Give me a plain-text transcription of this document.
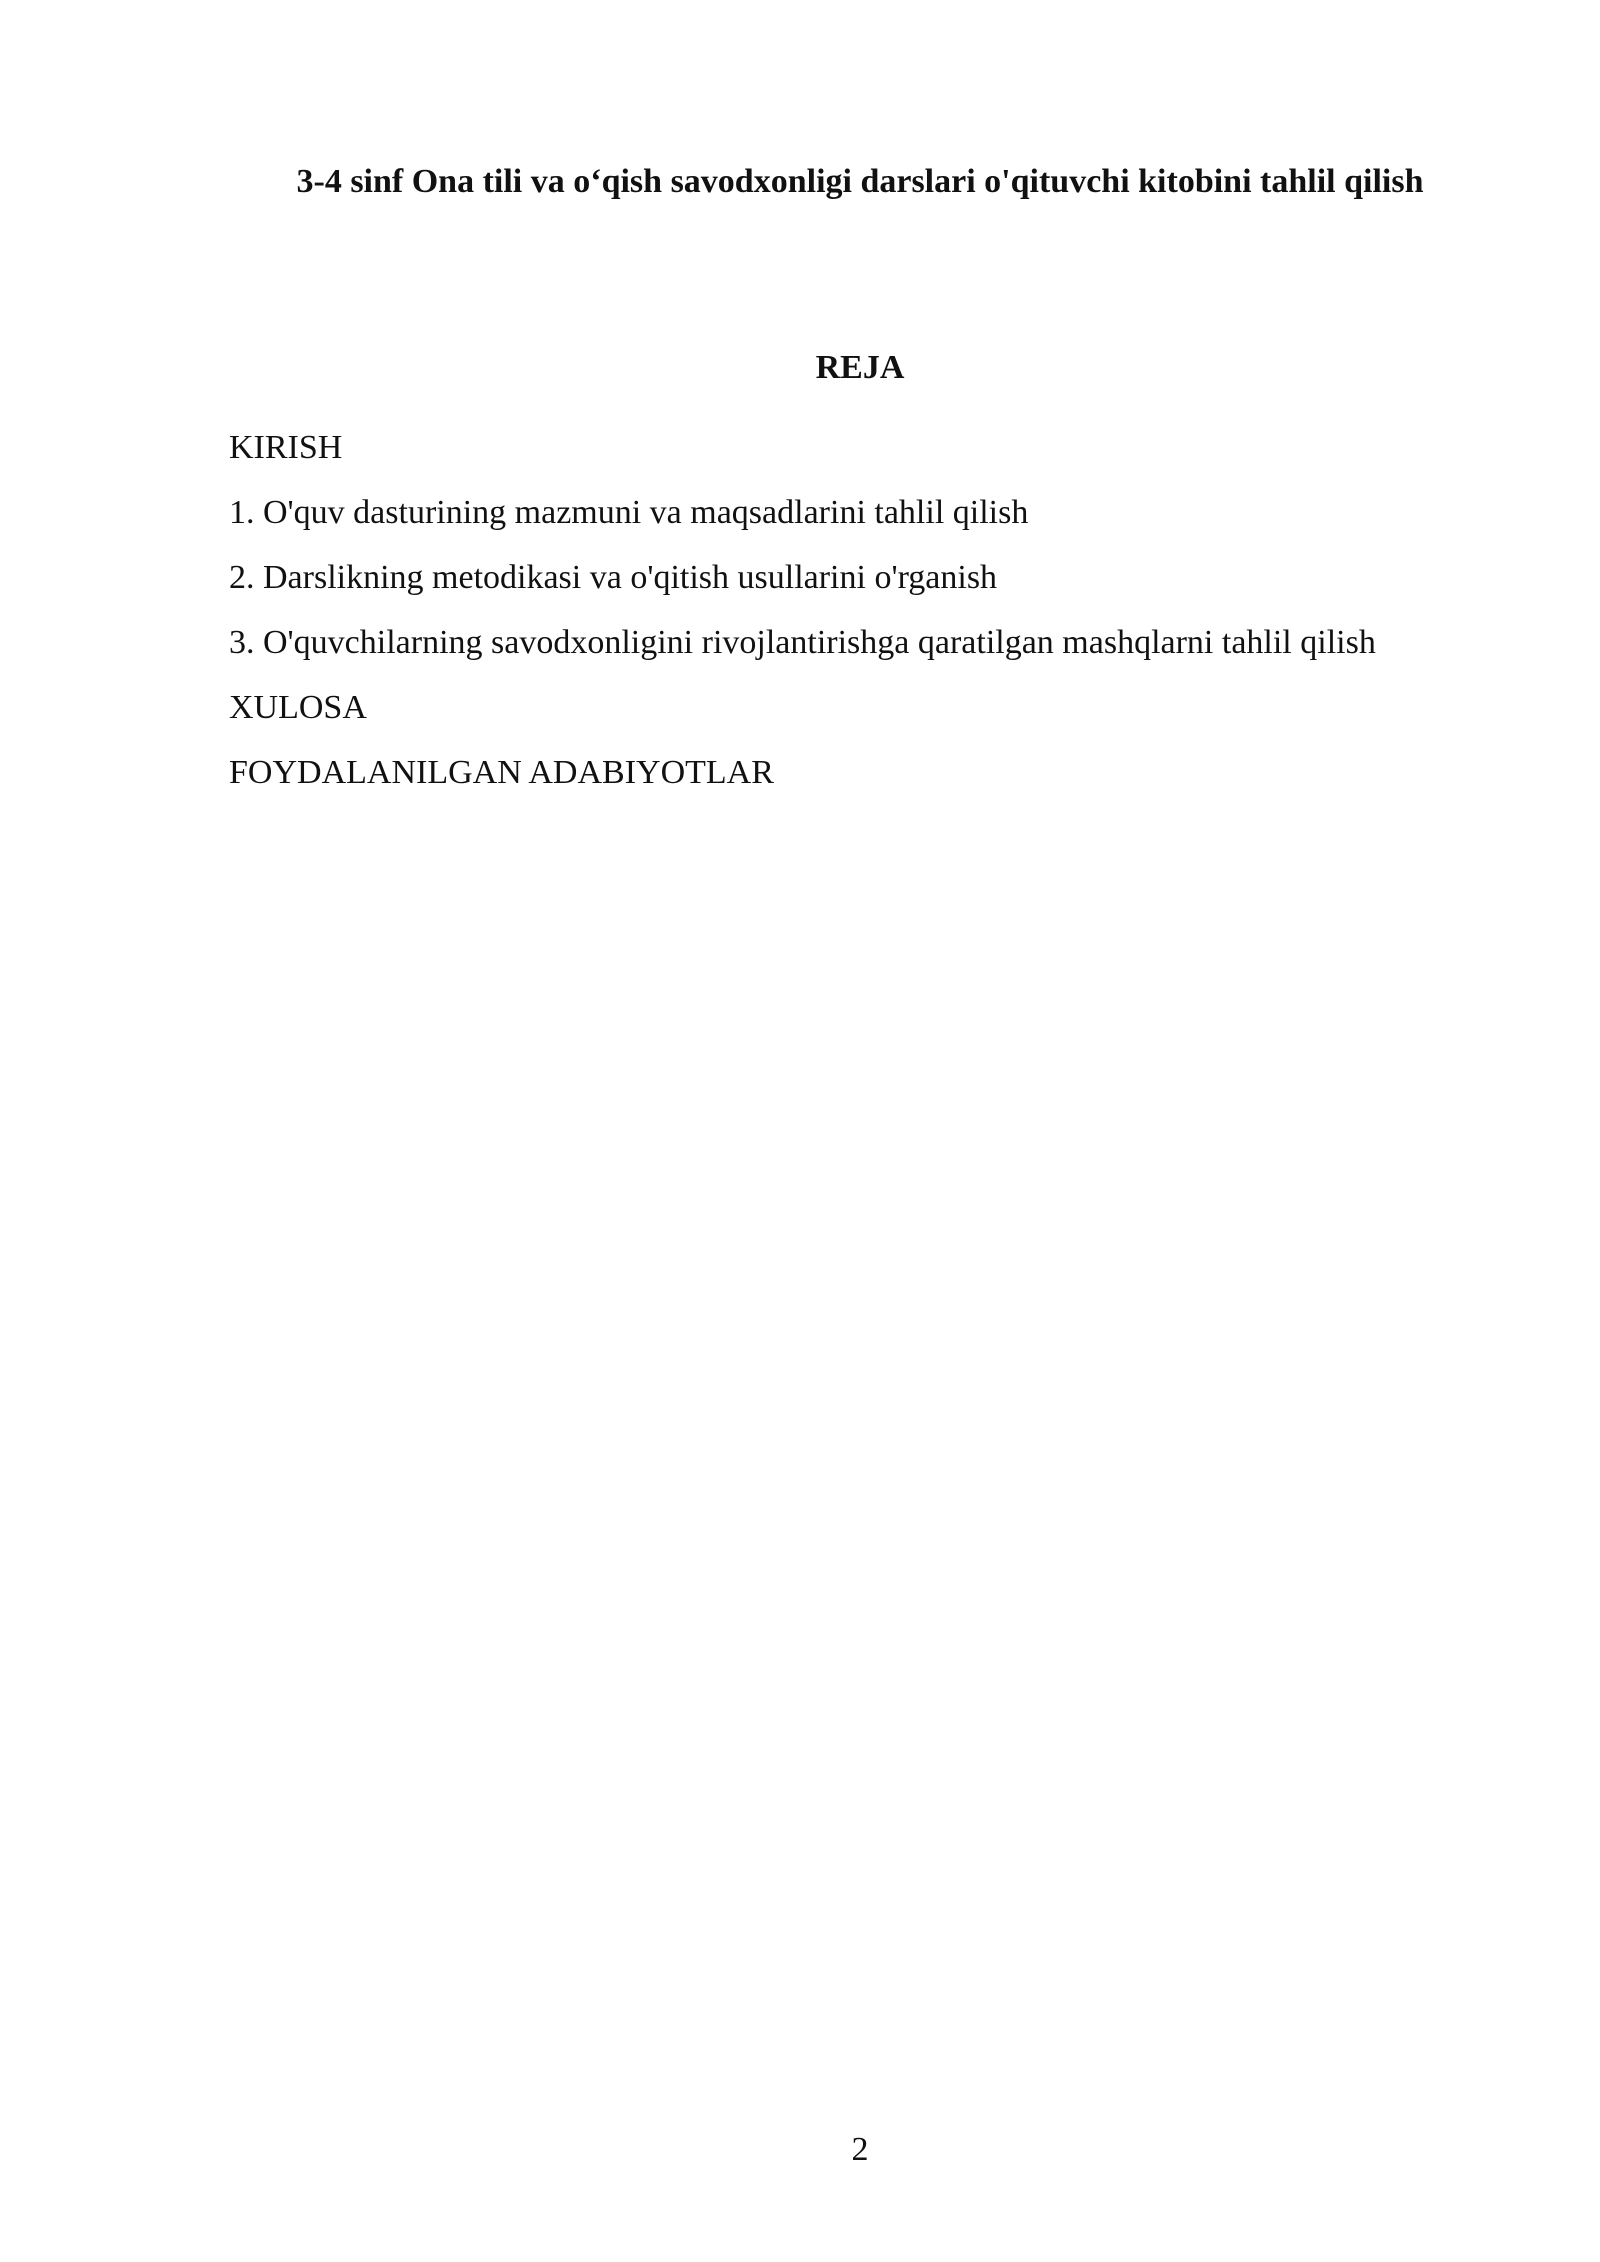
3-4 sinf Ona tili va o‘qish savodxonligi darslari o'qituvchi kitobini tahlil qilish
REJA
KIRISH
1. O'quv dasturining mazmuni va maqsadlarini tahlil qilish
2. Darslikning metodikasi va o'qitish usullarini o'rganish
3. O'quvchilarning savodxonligini rivojlantirishga qaratilgan mashqlarni tahlil qilish
XULOSA
FOYDALANILGAN ADABIYOTLAR
2
